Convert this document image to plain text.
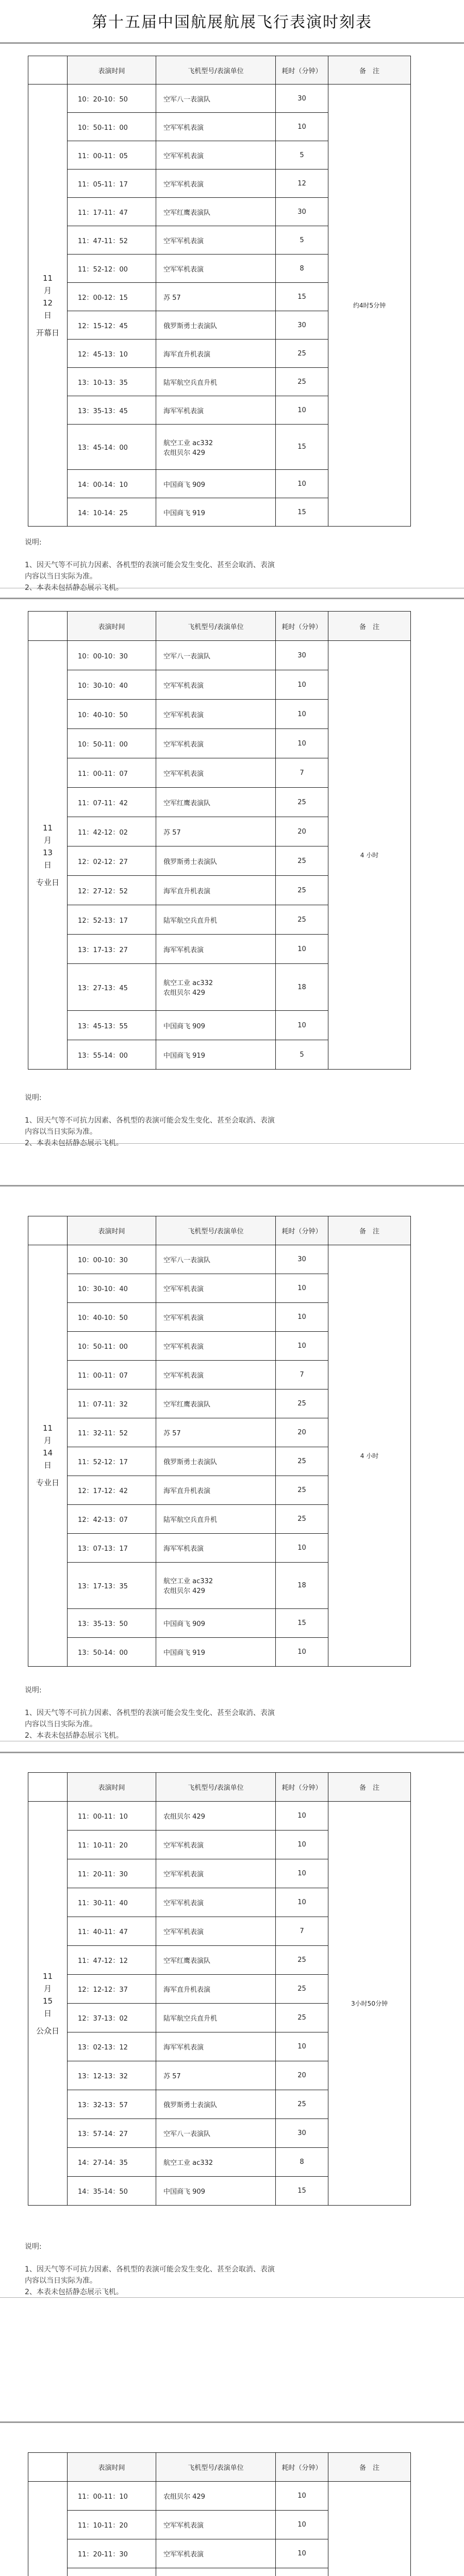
第十五届中国航展航展飞行表演时刻表
	表演时间	飞机型号/表演单位	耗时（分钟）	备　注

11
月
12
日
开幕日	10：20-10：50	空军八一表演队	30	约4时5分钟
	10：50-11：00	空军军机表演	10	
	11：00-11：05	空军军机表演	5	
	11：05-11：17	空军军机表演	12	
	11：17-11：47	空军红鹰表演队	30	
	11：47-11：52	空军军机表演	5	
	11：52-12：00	空军军机表演	8	
	12：00-12：15	苏 57	15	
	12：15-12：45	俄罗斯勇士表演队	30	
	12：45-13：10	海军直升机表演	25	
	13：10-13：35	陆军航空兵直升机	25	
	13：35-13：45	海军军机表演	10	
	13：45-14：00	航空工业 ac332
农组贝尔 429	15	
	14：00-14：10	中国商飞 909	10	
	14：10-14：25	中国商飞 919	15	

说明:

1、因天气等不可抗力因素、各机型的表演可能会发生变化、甚至会取消、表演

内容以当日实际为准。

2、本表未包括静态展示飞机。

	表演时间	飞机型号/表演单位	耗时（分钟）	备　注

11
月
13
日
专业日	10：00-10：30	空军八一表演队	30	4 小时
	10：30-10：40	空军军机表演	10	
	10：40-10：50	空军军机表演	10	
	10：50-11：00	空军军机表演	10	
	11：00-11：07	空军军机表演	7	
	11：07-11：42	空军红鹰表演队	25	
	11：42-12：02	苏 57	20	
	12：02-12：27	俄罗斯勇士表演队	25	
	12：27-12：52	海军直升机表演	25	
	12：52-13：17	陆军航空兵直升机	25	
	13：17-13：27	海军军机表演	10	
	13：27-13：45	航空工业 ac332
农组贝尔 429	18	
	13：45-13：55	中国商飞 909	10	
	13：55-14：00	中国商飞 919	5	

说明:

1、因天气等不可抗力因素、各机型的表演可能会发生变化、甚至会取消、表演

内容以当日实际为准。

2、本表未包括静态展示飞机。

	表演时间	飞机型号/表演单位	耗时（分钟）	备　注

11
月
14
日
专业日	10：00-10：30	空军八一表演队	30	4 小时
	10：30-10：40	空军军机表演	10	
	10：40-10：50	空军军机表演	10	
	10：50-11：00	空军军机表演	10	
	11：00-11：07	空军军机表演	7	
	11：07-11：32	空军红鹰表演队	25	
	11：32-11：52	苏 57	20	
	11：52-12：17	俄罗斯勇士表演队	25	
	12：17-12：42	海军直升机表演	25	
	12：42-13：07	陆军航空兵直升机	25	
	13：07-13：17	海军军机表演	10	
	13：17-13：35	航空工业 ac332
农组贝尔 429	18	
	13：35-13：50	中国商飞 909	15	
	13：50-14：00	中国商飞 919	10	

说明:

1、因天气等不可抗力因素、各机型的表演可能会发生变化、甚至会取消、表演

内容以当日实际为准。

2、本表未包括静态展示飞机。

	表演时间	飞机型号/表演单位	耗时（分钟）	备　注

11
月
15
日
公众日	11：00-11：10	农组贝尔 429	10	3小时50分钟
	11：10-11：20	空军军机表演	10	
	11：20-11：30	空军军机表演	10	
	11：30-11：40	空军军机表演	10	
	11：40-11：47	空军军机表演	7	
	11：47-12：12	空军红鹰表演队	25	
	12：12-12：37	海军直升机表演	25	
	12：37-13：02	陆军航空兵直升机	25	
	13：02-13：12	海军军机表演	10	
	13：12-13：32	苏 57	20	
	13：32-13：57	俄罗斯勇士表演队	25	
	13：57-14：27	空军八一表演队	30	
	14：27-14：35	航空工业 ac332	8	
	14：35-14：50	中国商飞 909	15	

说明:

1、因天气等不可抗力因素、各机型的表演可能会发生变化、甚至会取消、表演

内容以当日实际为准。

2、本表未包括静态展示飞机。

	表演时间	飞机型号/表演单位	耗时（分钟）	备　注

	11：00-11：10	农组贝尔 429	10	
	11：10-11：20	空军军机表演	10	
	11：20-11：30	空军军机表演	10	
